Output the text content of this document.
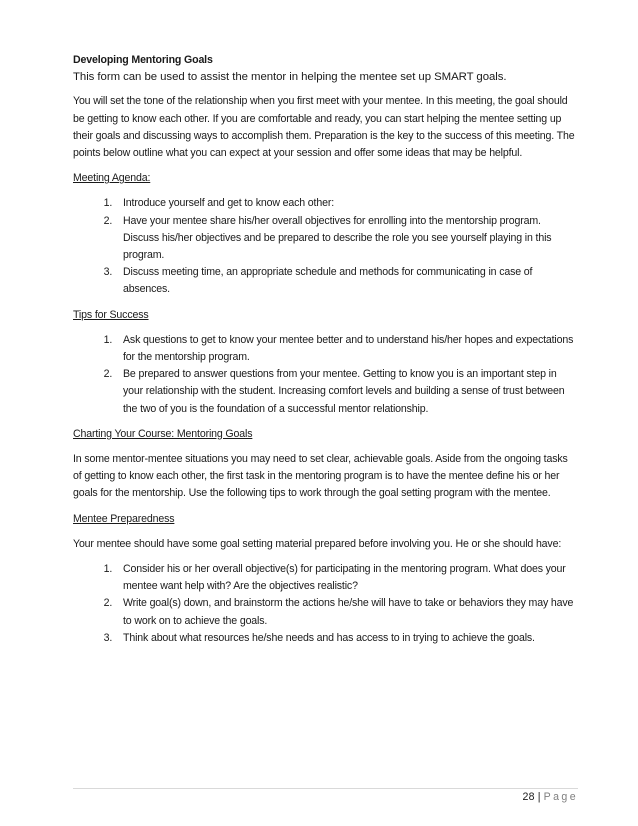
Developing Mentoring Goals
This form can be used to assist the mentor in helping the mentee set up SMART goals.

You will set the tone of the relationship when you first meet with your mentee. In this meeting, the goal should be getting to know each other. If you are comfortable and ready, you can start helping the mentee setting up their goals and discussing ways to accomplish them. Preparation is the key to the success of this meeting. The points below outline what you can expect at your session and offer some ideas that may be helpful.

Meeting Agenda:
1. Introduce yourself and get to know each other:
2. Have your mentee share his/her overall objectives for enrolling into the mentorship program. Discuss his/her objectives and be prepared to describe the role you see yourself playing in this program.
3. Discuss meeting time, an appropriate schedule and methods for communicating in case of absences.
Tips for Success
1. Ask questions to get to know your mentee better and to understand his/her hopes and expectations for the mentorship program.
2. Be prepared to answer questions from your mentee. Getting to know you is an important step in your relationship with the student. Increasing comfort levels and building a sense of trust between the two of you is the foundation of a successful mentor relationship.
Charting Your Course: Mentoring Goals

In some mentor-mentee situations you may need to set clear, achievable goals. Aside from the ongoing tasks of getting to know each other, the first task in the mentoring program is to have the mentee define his or her goals for the mentorship. Use the following tips to work through the goal setting program with the mentee.

Mentee Preparedness

Your mentee should have some goal setting material prepared before involving you. He or she should have:

1. Consider his or her overall objective(s) for participating in the mentoring program. What does your mentee want help with? Are the objectives realistic?
2. Write goal(s) down, and brainstorm the actions he/she will have to take or behaviors they may have to work on to achieve the goals.
3. Think about what resources he/she needs and has access to in trying to achieve the goals.
28 | Page
